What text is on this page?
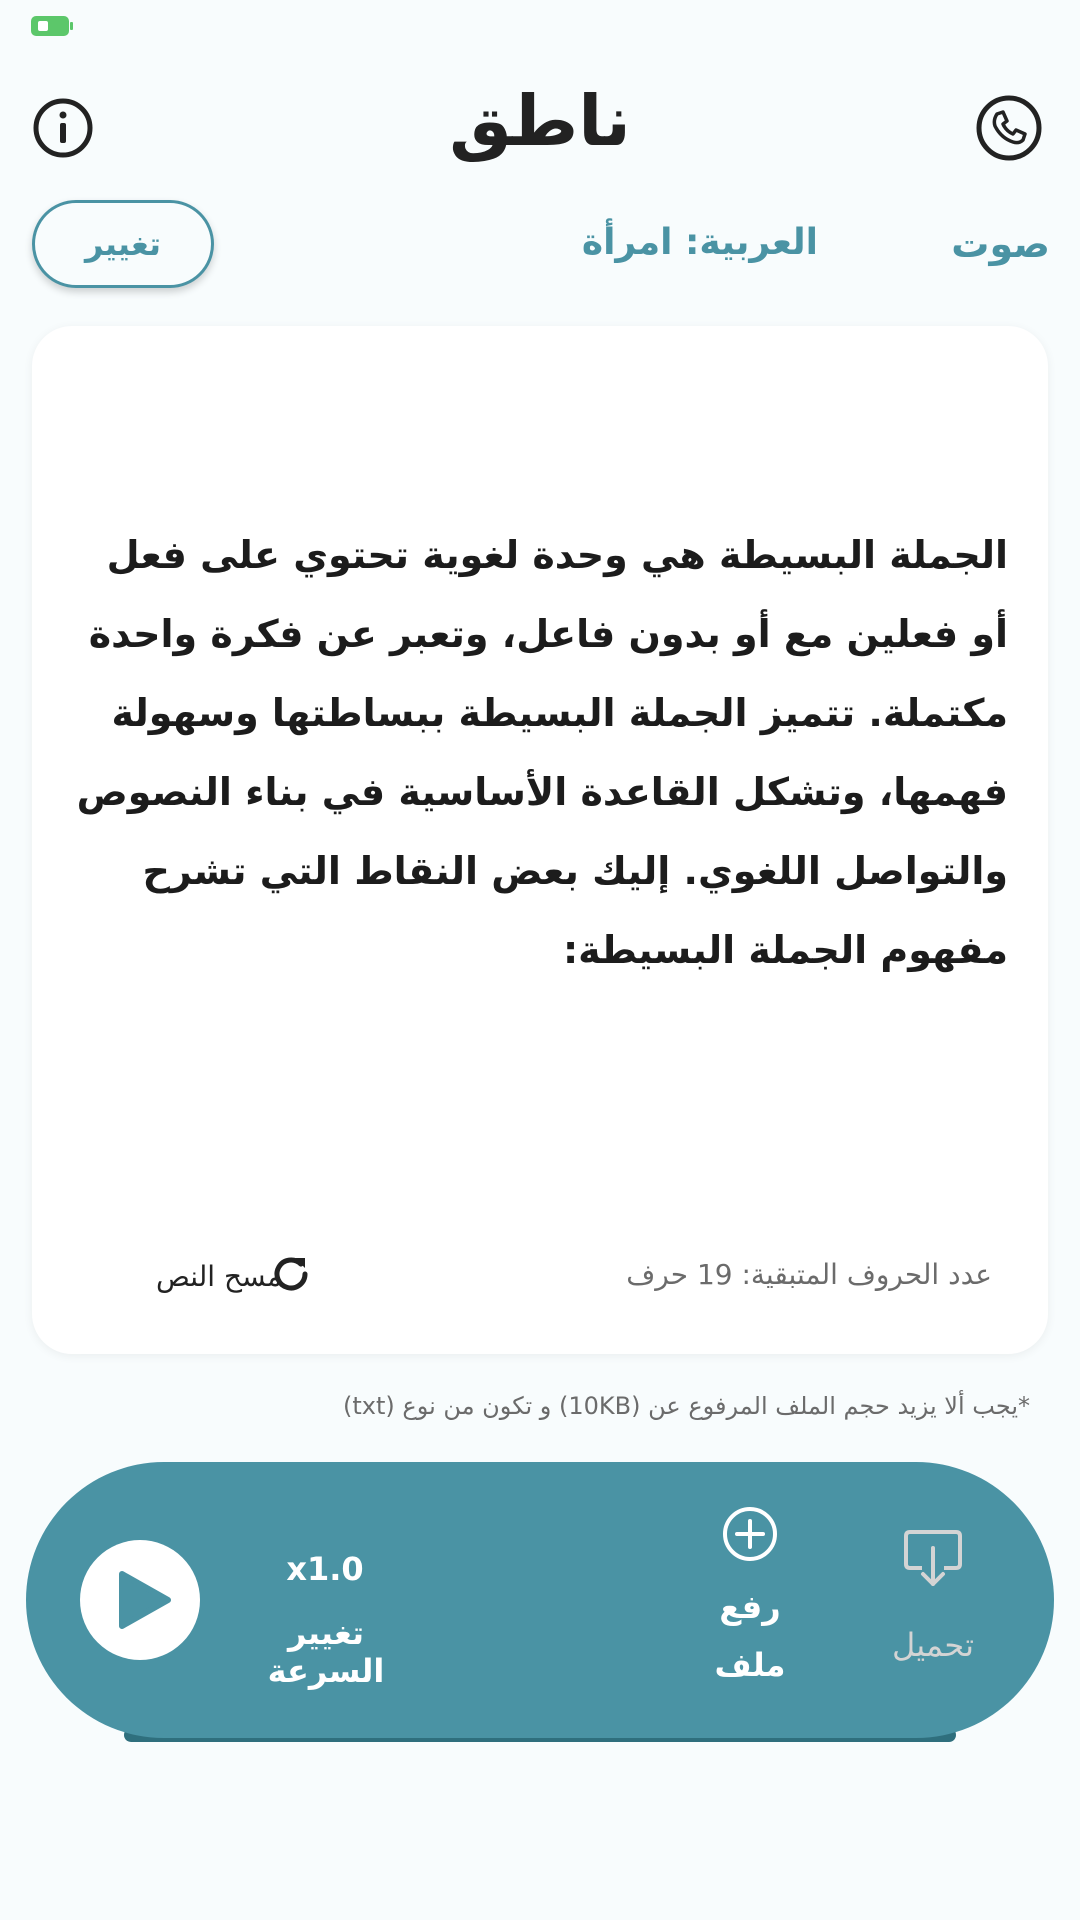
ناطق
صوت
العربية: امرأة
تغيير

الجملة البسيطة هي وحدة لغوية تحتوي على فعل أو فعلين مع أو بدون فاعل، وتعبر عن فكرة واحدة مكتملة. تتميز الجملة البسيطة ببساطتها وسهولة فهمها، وتشكل القاعدة الأساسية في بناء النصوص والتواصل اللغوي. إليك بعض النقاط التي تشرح مفهوم الجملة البسيطة:

عدد الحروف المتبقية: 19 حرف
مسح النص
*يجب ألا يزيد حجم الملف المرفوع عن (10KB) و تكون من نوع (txt)
x1.0
تغيير السرعة
رفع
ملف
تحميل
